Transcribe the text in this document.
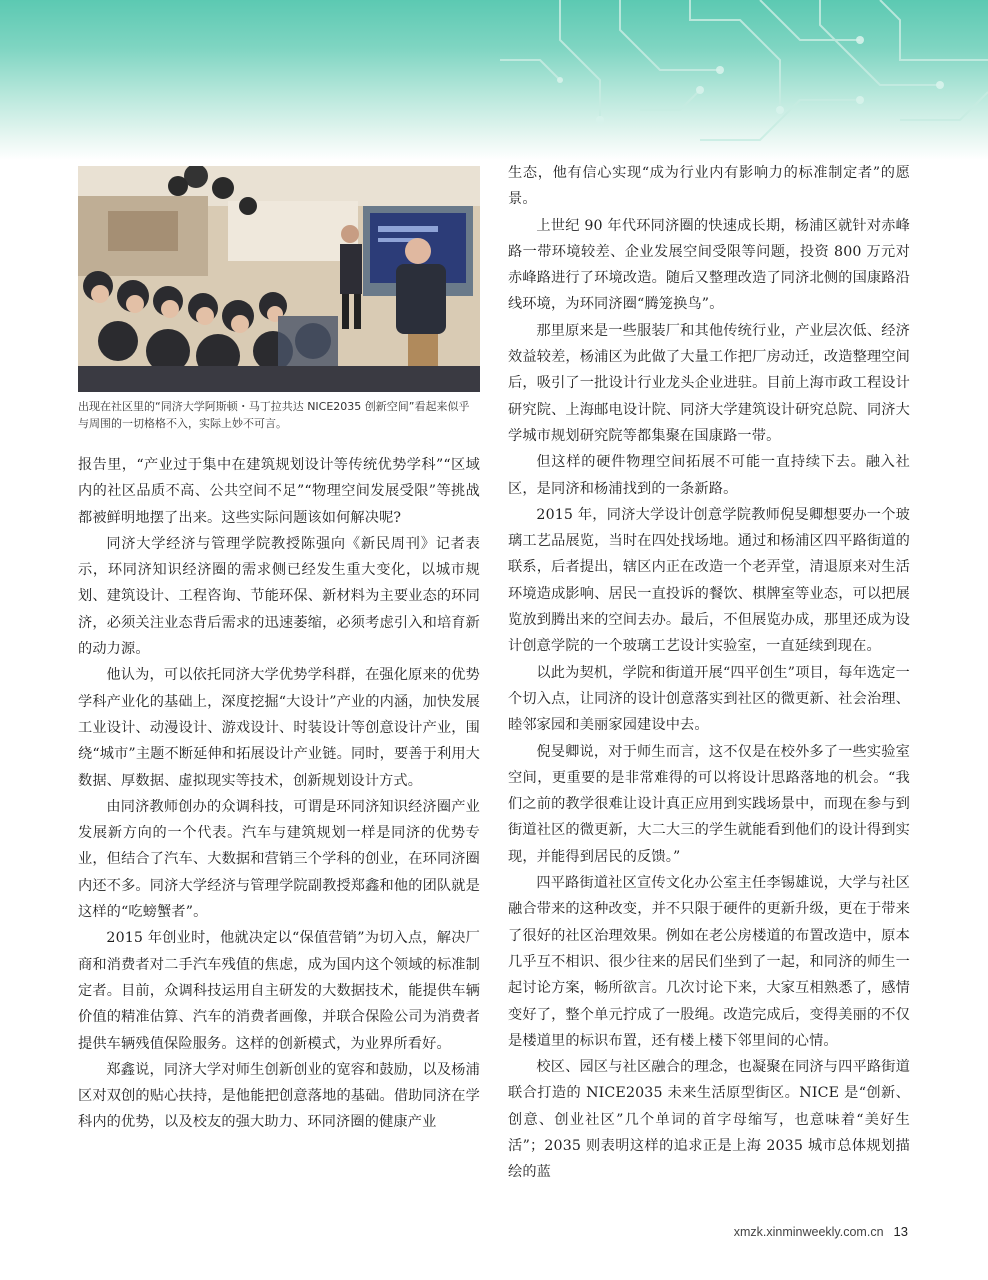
出现在社区里的“同济大学阿斯顿・马丁拉共达 NICE2035 创新空间”看起来似乎与周围的一切格格不入，实际上妙不可言。

报告里，“产业过于集中在建筑规划设计等传统优势学科”“区域内的社区品质不高、公共空间不足”“物理空间发展受限”等挑战都被鲜明地摆了出来。这些实际问题该如何解决呢?

同济大学经济与管理学院教授陈强向《新民周刊》记者表示，环同济知识经济圈的需求侧已经发生重大变化，以城市规划、建筑设计、工程咨询、节能环保、新材料为主要业态的环同济，必须关注业态背后需求的迅速萎缩，必须考虑引入和培育新的动力源。

他认为，可以依托同济大学优势学科群，在强化原来的优势学科产业化的基础上，深度挖掘“大设计”产业的内涵，加快发展工业设计、动漫设计、游戏设计、时装设计等创意设计产业，围绕“城市”主题不断延伸和拓展设计产业链。同时，要善于利用大数据、厚数据、虚拟现实等技术，创新规划设计方式。

由同济教师创办的众调科技，可谓是环同济知识经济圈产业发展新方向的一个代表。汽车与建筑规划一样是同济的优势专业，但结合了汽车、大数据和营销三个学科的创业，在环同济圈内还不多。同济大学经济与管理学院副教授郑鑫和他的团队就是这样的“吃螃蟹者”。

2015 年创业时，他就决定以“保值营销”为切入点，解决厂商和消费者对二手汽车残值的焦虑，成为国内这个领域的标准制定者。目前，众调科技运用自主研发的大数据技术，能提供车辆价值的精准估算、汽车的消费者画像，并联合保险公司为消费者提供车辆残值保险服务。这样的创新模式，为业界所看好。

郑鑫说，同济大学对师生创新创业的宽容和鼓励，以及杨浦区对双创的贴心扶持，是他能把创意落地的基础。借助同济在学科内的优势，以及校友的强大助力、环同济圈的健康产业

生态，他有信心实现“成为行业内有影响力的标准制定者”的愿景。

上世纪 90 年代环同济圈的快速成长期，杨浦区就针对赤峰路一带环境较差、企业发展空间受限等问题，投资 800 万元对赤峰路进行了环境改造。随后又整理改造了同济北侧的国康路沿线环境，为环同济圈“腾笼换鸟”。

那里原来是一些服装厂和其他传统行业，产业层次低、经济效益较差，杨浦区为此做了大量工作把厂房动迁，改造整理空间后，吸引了一批设计行业龙头企业进驻。目前上海市政工程设计研究院、上海邮电设计院、同济大学建筑设计研究总院、同济大学城市规划研究院等都集聚在国康路一带。

但这样的硬件物理空间拓展不可能一直持续下去。融入社区，是同济和杨浦找到的一条新路。

2015 年，同济大学设计创意学院教师倪旻卿想要办一个玻璃工艺品展览，当时在四处找场地。通过和杨浦区四平路街道的联系，后者提出，辖区内正在改造一个老弄堂，清退原来对生活环境造成影响、居民一直投诉的餐饮、棋牌室等业态，可以把展览放到腾出来的空间去办。最后，不但展览办成，那里还成为设计创意学院的一个玻璃工艺设计实验室，一直延续到现在。

以此为契机，学院和街道开展“四平创生”项目，每年选定一个切入点，让同济的设计创意落实到社区的微更新、社会治理、睦邻家园和美丽家园建设中去。

倪旻卿说，对于师生而言，这不仅是在校外多了一些实验室空间，更重要的是非常难得的可以将设计思路落地的机会。“我们之前的教学很难让设计真正应用到实践场景中，而现在参与到街道社区的微更新，大二大三的学生就能看到他们的设计得到实现，并能得到居民的反馈。”

四平路街道社区宣传文化办公室主任李锡雄说，大学与社区融合带来的这种改变，并不只限于硬件的更新升级，更在于带来了很好的社区治理效果。例如在老公房楼道的布置改造中，原本几乎互不相识、很少往来的居民们坐到了一起，和同济的师生一起讨论方案，畅所欲言。几次讨论下来，大家互相熟悉了，感情变好了，整个单元拧成了一股绳。改造完成后，变得美丽的不仅是楼道里的标识布置，还有楼上楼下邻里间的心情。

校区、园区与社区融合的理念，也凝聚在同济与四平路街道联合打造的 NICE2035 未来生活原型街区。NICE 是“创新、创意、创业社区”几个单词的首字母缩写，也意味着“美好生活”；2035 则表明这样的追求正是上海 2035 城市总体规划描绘的蓝

xmzk.xinminweekly.com.cn 13
